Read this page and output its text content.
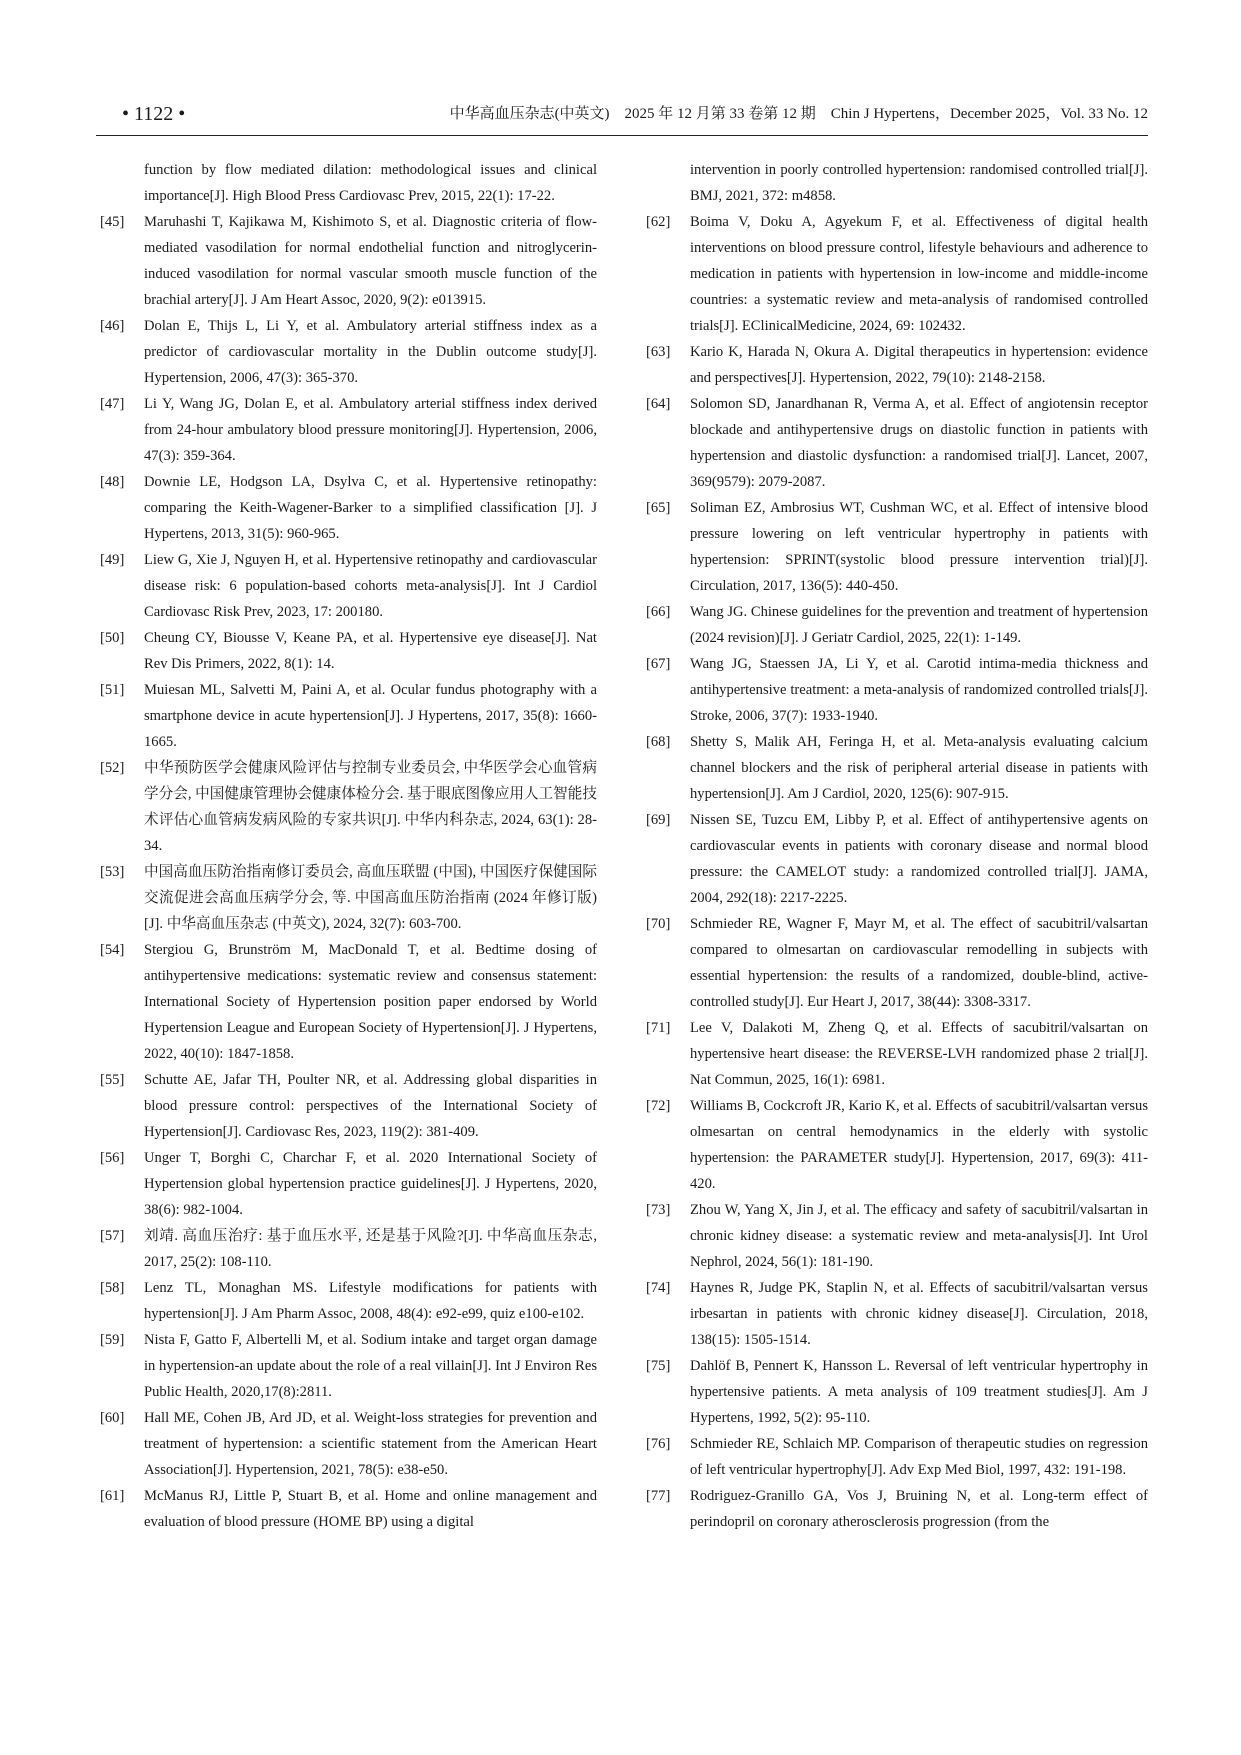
• 1122 •	中华高血压杂志(中英文)　2025 年 12 月第 33 卷第 12 期　Chin J Hypertens，December 2025，Vol. 33 No. 12

function by flow mediated dilation: methodological issues and clinical importance[J]. High Blood Press Cardiovasc Prev, 2015, 22(1): 17-22.

[45] Maruhashi T, Kajikawa M, Kishimoto S, et al. Diagnostic criteria of flow-mediated vasodilation for normal endothelial function and nitroglycerin-induced vasodilation for normal vascular smooth muscle function of the brachial artery[J]. J Am Heart Assoc, 2020, 9(2): e013915.

[46] Dolan E, Thijs L, Li Y, et al. Ambulatory arterial stiffness index as a predictor of cardiovascular mortality in the Dublin outcome study[J]. Hypertension, 2006, 47(3): 365-370.

[47] Li Y, Wang JG, Dolan E, et al. Ambulatory arterial stiffness index derived from 24-hour ambulatory blood pressure monitoring[J]. Hypertension, 2006, 47(3): 359-364.

[48] Downie LE, Hodgson LA, Dsylva C, et al. Hypertensive retinopathy: comparing the Keith-Wagener-Barker to a simplified classification [J]. J Hypertens, 2013, 31(5): 960-965.

[49] Liew G, Xie J, Nguyen H, et al. Hypertensive retinopathy and cardiovascular disease risk: 6 population-based cohorts meta-analysis[J]. Int J Cardiol Cardiovasc Risk Prev, 2023, 17: 200180.

[50] Cheung CY, Biousse V, Keane PA, et al. Hypertensive eye disease[J]. Nat Rev Dis Primers, 2022, 8(1): 14.

[51] Muiesan ML, Salvetti M, Paini A, et al. Ocular fundus photography with a smartphone device in acute hypertension[J]. J Hypertens, 2017, 35(8): 1660-1665.

[52] 中华预防医学会健康风险评估与控制专业委员会, 中华医学会心血管病学分会, 中国健康管理协会健康体检分会. 基于眼底图像应用人工智能技术评估心血管病发病风险的专家共识[J]. 中华内科杂志, 2024, 63(1): 28-34.

[53] 中国高血压防治指南修订委员会, 高血压联盟 (中国), 中国医疗保健国际交流促进会高血压病学分会, 等. 中国高血压防治指南 (2024 年修订版)[J]. 中华高血压杂志 (中英文), 2024, 32(7): 603-700.

[54] Stergiou G, Brunström M, MacDonald T, et al. Bedtime dosing of antihypertensive medications: systematic review and consensus statement: International Society of Hypertension position paper endorsed by World Hypertension League and European Society of Hypertension[J]. J Hypertens, 2022, 40(10): 1847-1858.

[55] Schutte AE, Jafar TH, Poulter NR, et al. Addressing global disparities in blood pressure control: perspectives of the International Society of Hypertension[J]. Cardiovasc Res, 2023, 119(2): 381-409.

[56] Unger T, Borghi C, Charchar F, et al. 2020 International Society of Hypertension global hypertension practice guidelines[J]. J Hypertens, 2020, 38(6): 982-1004.

[57] 刘靖. 高血压治疗: 基于血压水平, 还是基于风险?[J]. 中华高血压杂志, 2017, 25(2): 108-110.

[58] Lenz TL, Monaghan MS. Lifestyle modifications for patients with hypertension[J]. J Am Pharm Assoc, 2008, 48(4): e92-e99, quiz e100-e102.

[59] Nista F, Gatto F, Albertelli M, et al. Sodium intake and target organ damage in hypertension-an update about the role of a real villain[J]. Int J Environ Res Public Health, 2020,17(8):2811.

[60] Hall ME, Cohen JB, Ard JD, et al. Weight-loss strategies for prevention and treatment of hypertension: a scientific statement from the American Heart Association[J]. Hypertension, 2021, 78(5): e38-e50.

[61] McManus RJ, Little P, Stuart B, et al. Home and online management and evaluation of blood pressure (HOME BP) using a digital

intervention in poorly controlled hypertension: randomised controlled trial[J]. BMJ, 2021, 372: m4858.

[62] Boima V, Doku A, Agyekum F, et al. Effectiveness of digital health interventions on blood pressure control, lifestyle behaviours and adherence to medication in patients with hypertension in low-income and middle-income countries: a systematic review and meta-analysis of randomised controlled trials[J]. EClinicalMedicine, 2024, 69: 102432.

[63] Kario K, Harada N, Okura A. Digital therapeutics in hypertension: evidence and perspectives[J]. Hypertension, 2022, 79(10): 2148-2158.

[64] Solomon SD, Janardhanan R, Verma A, et al. Effect of angiotensin receptor blockade and antihypertensive drugs on diastolic function in patients with hypertension and diastolic dysfunction: a randomised trial[J]. Lancet, 2007, 369(9579): 2079-2087.

[65] Soliman EZ, Ambrosius WT, Cushman WC, et al. Effect of intensive blood pressure lowering on left ventricular hypertrophy in patients with hypertension: SPRINT(systolic blood pressure intervention trial)[J]. Circulation, 2017, 136(5): 440-450.

[66] Wang JG. Chinese guidelines for the prevention and treatment of hypertension (2024 revision)[J]. J Geriatr Cardiol, 2025, 22(1): 1-149.

[67] Wang JG, Staessen JA, Li Y, et al. Carotid intima-media thickness and antihypertensive treatment: a meta-analysis of randomized controlled trials[J]. Stroke, 2006, 37(7): 1933-1940.

[68] Shetty S, Malik AH, Feringa H, et al. Meta-analysis evaluating calcium channel blockers and the risk of peripheral arterial disease in patients with hypertension[J]. Am J Cardiol, 2020, 125(6): 907-915.

[69] Nissen SE, Tuzcu EM, Libby P, et al. Effect of antihypertensive agents on cardiovascular events in patients with coronary disease and normal blood pressure: the CAMELOT study: a randomized controlled trial[J]. JAMA, 2004, 292(18): 2217-2225.

[70] Schmieder RE, Wagner F, Mayr M, et al. The effect of sacubitril/valsartan compared to olmesartan on cardiovascular remodelling in subjects with essential hypertension: the results of a randomized, double-blind, active-controlled study[J]. Eur Heart J, 2017, 38(44): 3308-3317.

[71] Lee V, Dalakoti M, Zheng Q, et al. Effects of sacubitril/valsartan on hypertensive heart disease: the REVERSE-LVH randomized phase 2 trial[J]. Nat Commun, 2025, 16(1): 6981.

[72] Williams B, Cockcroft JR, Kario K, et al. Effects of sacubitril/valsartan versus olmesartan on central hemodynamics in the elderly with systolic hypertension: the PARAMETER study[J]. Hypertension, 2017, 69(3): 411-420.

[73] Zhou W, Yang X, Jin J, et al. The efficacy and safety of sacubitril/valsartan in chronic kidney disease: a systematic review and meta-analysis[J]. Int Urol Nephrol, 2024, 56(1): 181-190.

[74] Haynes R, Judge PK, Staplin N, et al. Effects of sacubitril/valsartan versus irbesartan in patients with chronic kidney disease[J]. Circulation, 2018, 138(15): 1505-1514.

[75] Dahlöf B, Pennert K, Hansson L. Reversal of left ventricular hypertrophy in hypertensive patients. A meta analysis of 109 treatment studies[J]. Am J Hypertens, 1992, 5(2): 95-110.

[76] Schmieder RE, Schlaich MP. Comparison of therapeutic studies on regression of left ventricular hypertrophy[J]. Adv Exp Med Biol, 1997, 432: 191-198.

[77] Rodriguez-Granillo GA, Vos J, Bruining N, et al. Long-term effect of perindopril on coronary atherosclerosis progression (from the
